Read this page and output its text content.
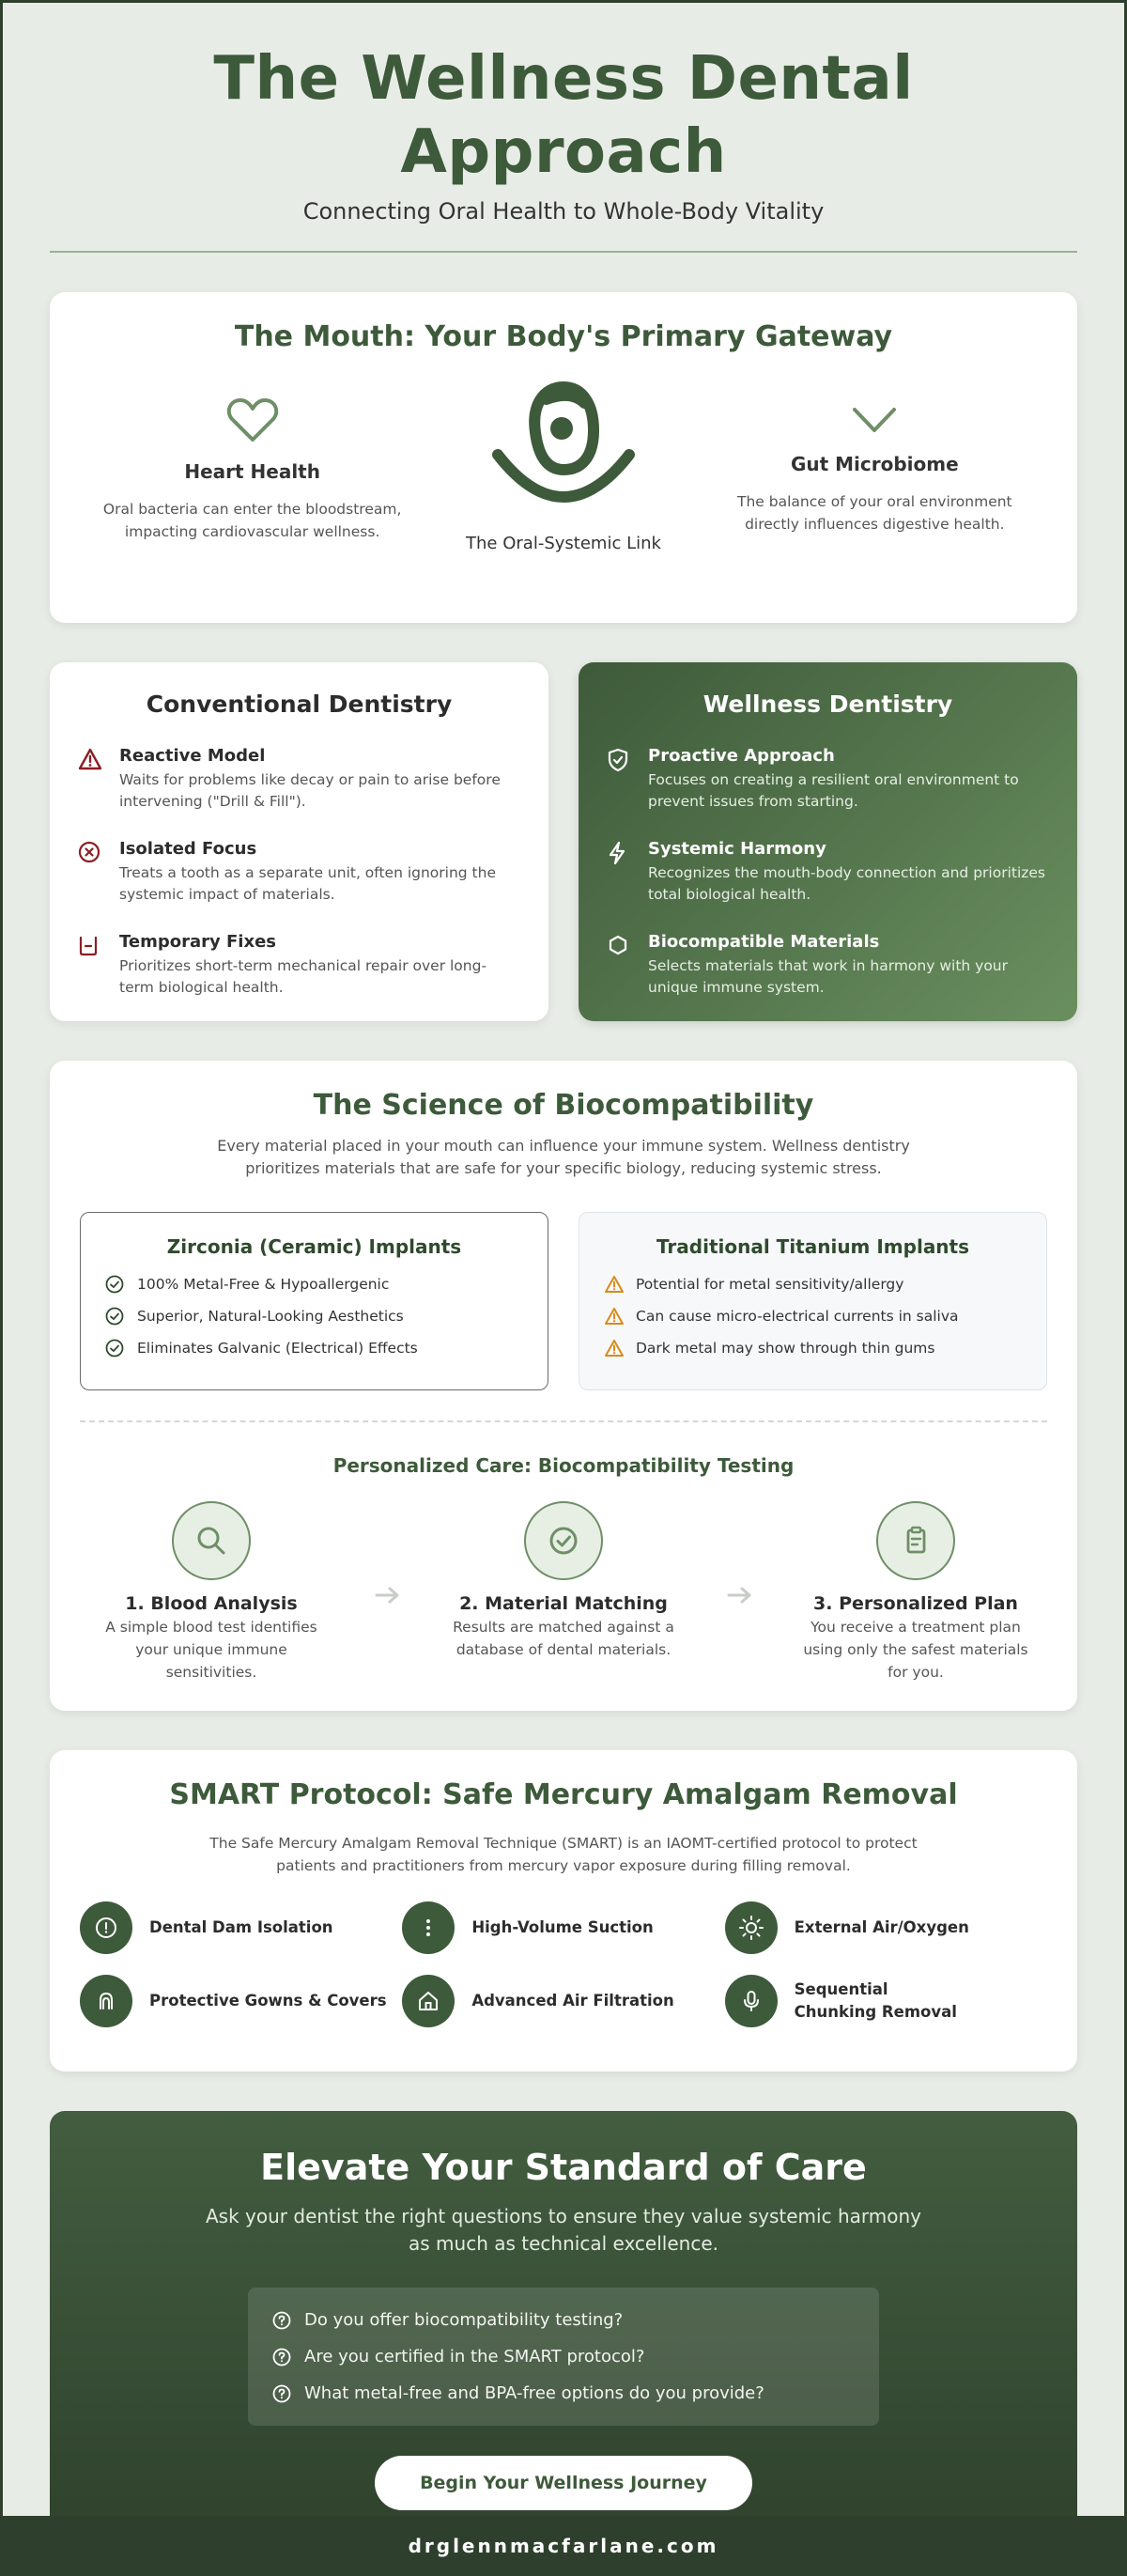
The Wellness Dental Approach
Connecting Oral Health to Whole-Body Vitality
The Mouth: Your Body's Primary Gateway
Heart Health

Oral bacteria can enter the bloodstream, impacting cardiovascular wellness.

The Oral-Systemic Link
Gut Microbiome

The balance of your oral environment directly influences digestive health.

Conventional Dentistry
Reactive Model

Waits for problems like decay or pain to arise before intervening ("Drill & Fill").

Isolated Focus

Treats a tooth as a separate unit, often ignoring the systemic impact of materials.

Temporary Fixes

Prioritizes short-term mechanical repair over long-term biological health.

Wellness Dentistry
Proactive Approach

Focuses on creating a resilient oral environment to prevent issues from starting.

Systemic Harmony

Recognizes the mouth-body connection and prioritizes total biological health.

Biocompatible Materials

Selects materials that work in harmony with your unique immune system.

The Science of Biocompatibility

Every material placed in your mouth can influence your immune system. Wellness dentistry prioritizes materials that are safe for your specific biology, reducing systemic stress.

Zirconia (Ceramic) Implants
100% Metal-Free & Hypoallergenic
Superior, Natural-Looking Aesthetics
Eliminates Galvanic (Electrical) Effects
Traditional Titanium Implants
Potential for metal sensitivity/allergy
Can cause micro-electrical currents in saliva
Dark metal may show through thin gums
Personalized Care: Biocompatibility Testing
1. Blood Analysis

A simple blood test identifies your unique immune sensitivities.

2. Material Matching

Results are matched against a database of dental materials.

3. Personalized Plan

You receive a treatment plan using only the safest materials for you.

SMART Protocol: Safe Mercury Amalgam Removal

The Safe Mercury Amalgam Removal Technique (SMART) is an IAOMT-certified protocol to protect patients and practitioners from mercury vapor exposure during filling removal.

Dental Dam Isolation	High-Volume Suction	External Air/Oxygen
Protective Gowns & Covers	Advanced Air Filtration
Sequential Chunking Removal
Elevate Your Standard of Care

Ask your dentist the right questions to ensure they value systemic harmony as much as technical excellence.

Do you offer biocompatibility testing?
Are you certified in the SMART protocol?
What metal-free and BPA-free options do you provide?
Begin Your Wellness Journey
drglennmacfarlane.com
